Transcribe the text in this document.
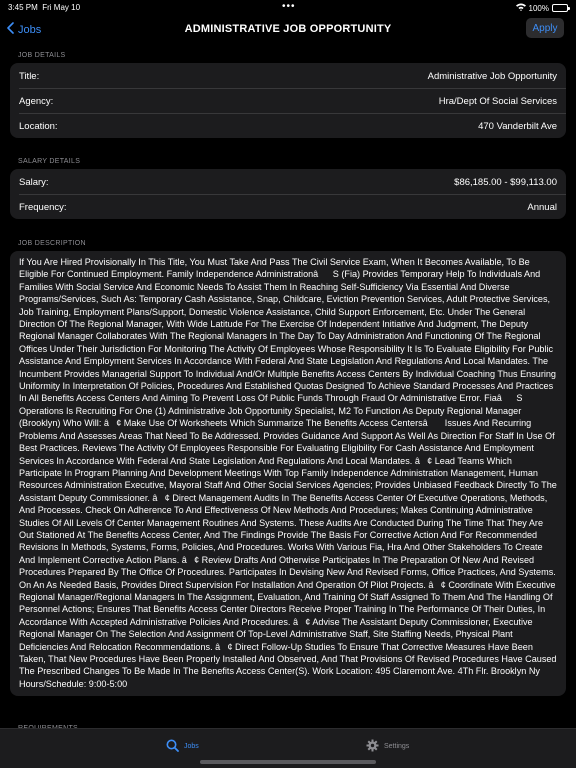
3:45 PM Fri May 10	•••	100%
Jobs	ADMINISTRATIVE JOB OPPORTUNITY	Apply
JOB DETAILS
Title:	Administrative Job Opportunity
Agency:	Hra/Dept Of Social Services
Location:	470 Vanderbilt Ave
SALARY DETAILS
Salary:	$86,185.00 - $99,113.00
Frequency:	Annual
JOB DESCRIPTION

If You Are Hired Provisionally In This Title, You Must Take And Pass The Civil Service Exam, When It Becomes Available, To Be Eligible For Continued Employment. Family Independence AdministrationâS (Fia) Provides Temporary Help To Individuals And Families With Social Service And Economic Needs To Assist Them In Reaching Self-Sufficiency Via Essential And Diverse Programs/Services, Such As: Temporary Cash Assistance, Snap, Childcare, Eviction Prevention Services, Adult Protective Services, Job Training, Employment Plans/Support, Domestic Violence Assistance, Child Support Enforcement, Etc. Under The General Direction Of The Regional Manager, With Wide Latitude For The Exercise Of Independent Initiative And Judgment, The Deputy Regional Manager Collaborates With The Regional Managers In The Day To Day Administration And Functioning Of The Regional Offices Under Their Jurisdiction For Monitoring The Activity Of Employees Whose Responsibility It Is To Evaluate Eligibility For Public Assistance And Employment Services In Accordance With Federal And State Legislation And Regulations And Local Mandates. The Incumbent Provides Managerial Support To Individual And/Or Multiple Benefits Access Centers By Individual Coaching Thus Ensuring Uniformity In Interpretation Of Policies, Procedures And Established Quotas Designed To Achieve Standard Processes And Practices In All Benefits Access Centers And Aiming To Prevent Loss Of Public Funds Through Fraud Or Administrative Error. FiaâS Operations Is Recruiting For One (1) Administrative Job Opportunity Specialist, M2 To Function As Deputy Regional Manager (Brooklyn) Who Will: â¢ Make Use Of Worksheets Which Summarize The Benefits Access Centersâ Issues And Recurring Problems And Assesses Areas That Need To Be Addressed. Provides Guidance And Support As Well As Direction For Staff In Use Of Best Practices. Reviews The Activity Of Employees Responsible For Evaluating Eligibility For Cash Assistance And Employment Services In Accordance With Federal And State Legislation And Regulations And Local Mandates. â¢ Lead Teams Which Participate In Program Planning And Development Meetings With Top Family Independence Administration Management, Human Resources Administration Executive, Mayoral Staff And Other Social Services Agencies; Provides Unbiased Feedback Directly To The Assistant Deputy Commissioner. â¢ Direct Management Audits In The Benefits Access Center Of Executive Operations, Methods, And Processes. Check On Adherence To And Effectiveness Of New Methods And Procedures; Makes Continuing Administrative Studies Of All Levels Of Center Management Routines And Systems. These Audits Are Conducted During The Time That They Are Out Stationed At The Benefits Access Center, And The Findings Provide The Basis For Corrective Action And For Recommended Revisions In Methods, Systems, Forms, Policies, And Procedures. Works With Various Fia, Hra And Other Stakeholders To Create And Implement Corrective Action Plans. â¢ Review Drafts And Otherwise Participates In The Preparation Of New And Revised Procedures Prepared By The Office Of Procedures. Participates In Devising New And Revised Forms, Office Practices, And Systems. On An As Needed Basis, Provides Direct Supervision For Installation And Operation Of Pilot Projects. â¢ Coordinate With Executive Regional Manager/Regional Managers In The Assignment, Evaluation, And Training Of Staff Assigned To Them And The Handling Of Personnel Actions; Ensures That Benefits Access Center Directors Receive Proper Training In The Performance Of Their Duties, In Accordance With Accepted Administrative Policies And Procedures. â¢ Advise The Assistant Deputy Commissioner, Executive Regional Manager On The Selection And Assignment Of Top-Level Administrative Staff, Site Staffing Needs, Physical Plant Deficiencies And Relocation Recommendations. â¢ Direct Follow-Up Studies To Ensure That Corrective Measures Have Been Taken, That New Procedures Have Been Properly Installed And Observed, And That Provisions Of Revised Procedures Have Caused The Prescribed Changes To Be Made In The Benefits Access Center(S). Work Location: 495 Claremont Ave. 4Th Flr. Brooklyn Ny Hours/Schedule: 9:00-5:00

Jobs	Settings
